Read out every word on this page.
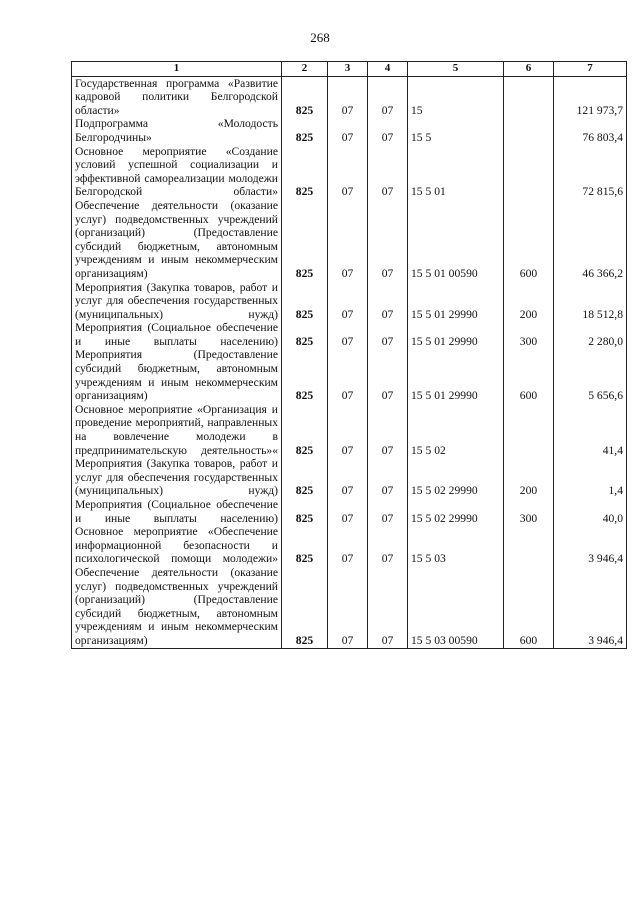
268
1	2	3	4	5	6	7

Государственная программа «Развитие кадровой политики Белгородской области»	825	07	07	15		121 973,7

Подпрограмма «Молодость Белгородчины»	825	07	07	15 5		76 803,4

Основное мероприятие «Создание условий успешной социализации и эффективной самореализации молодежи Белгородской области»	825	07	07	15 5 01		72 815,6

Обеспечение деятельности (оказание услуг) подведомственных учреждений (организаций) (Предоставление субсидий бюджетным, автономным учреждениям и иным некоммерческим организациям)	825	07	07	15 5 01 00590	600	46 366,2

Мероприятия (Закупка товаров, работ и услуг для обеспечения государственных (муниципальных) нужд)	825	07	07	15 5 01 29990	200	18 512,8

Мероприятия (Социальное обеспечение и иные выплаты населению)	825	07	07	15 5 01 29990	300	2 280,0

Мероприятия (Предоставление субсидий бюджетным, автономным учреждениям и иным некоммерческим организациям)	825	07	07	15 5 01 29990	600	5 656,6

Основное мероприятие «Организация и проведение мероприятий, направленных на вовлечение молодежи в предпринимательскую деятельность»«	825	07	07	15 5 02		41,4

Мероприятия (Закупка товаров, работ и услуг для обеспечения государственных (муниципальных) нужд)	825	07	07	15 5 02 29990	200	1,4

Мероприятия (Социальное обеспечение и иные выплаты населению)	825	07	07	15 5 02 29990	300	40,0

Основное мероприятие «Обеспечение информационной безопасности и психологической помощи молодежи»	825	07	07	15 5 03		3 946,4

Обеспечение деятельности (оказание услуг) подведомственных учреждений (организаций) (Предоставление субсидий бюджетным, автономным учреждениям и иным некоммерческим организациям)	825	07	07	15 5 03 00590	600	3 946,4
